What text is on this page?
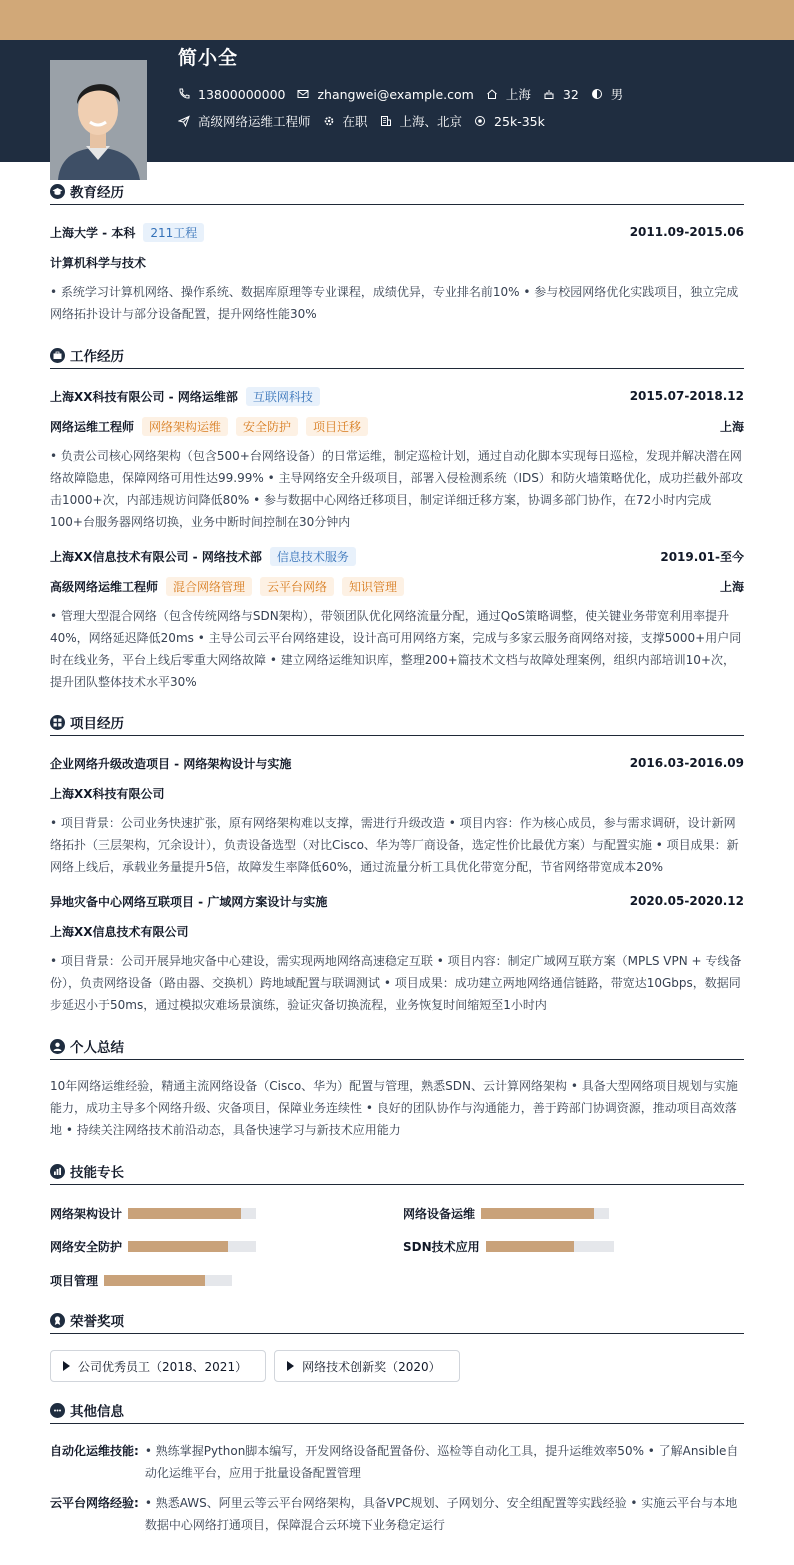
简小全
13800000000	zhangwei@example.com	上海	32	男
高级网络运维工程师	在职	上海、北京	25k-35k
教育经历
上海大学 - 本科	211工程	2011.09-2015.06
计算机科学与技术
• 系统学习计算机网络、操作系统、数据库原理等专业课程，成绩优异，专业排名前10% • 参与校园网络优化实践项目，独立完成网络拓扑设计与部分设备配置，提升网络性能30%
工作经历
上海XX科技有限公司 - 网络运维部	互联网科技	2015.07-2018.12
网络运维工程师	网络架构运维	安全防护	项目迁移	上海
• 负责公司核心网络架构（包含500+台网络设备）的日常运维，制定巡检计划，通过自动化脚本实现每日巡检，发现并解决潜在网络故障隐患，保障网络可用性达99.99% • 主导网络安全升级项目，部署入侵检测系统（IDS）和防火墙策略优化，成功拦截外部攻击1000+次，内部违规访问降低80% • 参与数据中心网络迁移项目，制定详细迁移方案，协调多部门协作，在72小时内完成100+台服务器网络切换，业务中断时间控制在30分钟内
上海XX信息技术有限公司 - 网络技术部	信息技术服务	2019.01-至今
高级网络运维工程师	混合网络管理	云平台网络	知识管理	上海
• 管理大型混合网络（包含传统网络与SDN架构），带领团队优化网络流量分配，通过QoS策略调整，使关键业务带宽利用率提升40%，网络延迟降低20ms • 主导公司云平台网络建设，设计高可用网络方案，完成与多家云服务商网络对接，支撑5000+用户同时在线业务，平台上线后零重大网络故障 • 建立网络运维知识库，整理200+篇技术文档与故障处理案例，组织内部培训10+次，提升团队整体技术水平30%
项目经历
企业网络升级改造项目 - 网络架构设计与实施	2016.03-2016.09
上海XX科技有限公司
• 项目背景：公司业务快速扩张，原有网络架构难以支撑，需进行升级改造 • 项目内容：作为核心成员，参与需求调研，设计新网络拓扑（三层架构，冗余设计），负责设备选型（对比Cisco、华为等厂商设备，选定性价比最优方案）与配置实施 • 项目成果：新网络上线后，承载业务量提升5倍，故障发生率降低60%，通过流量分析工具优化带宽分配，节省网络带宽成本20%
异地灾备中心网络互联项目 - 广域网方案设计与实施	2020.05-2020.12
上海XX信息技术有限公司
• 项目背景：公司开展异地灾备中心建设，需实现两地网络高速稳定互联 • 项目内容：制定广域网互联方案（MPLS VPN + 专线备份），负责网络设备（路由器、交换机）跨地域配置与联调测试 • 项目成果：成功建立两地网络通信链路，带宽达10Gbps，数据同步延迟小于50ms，通过模拟灾难场景演练，验证灾备切换流程，业务恢复时间缩短至1小时内
个人总结
10年网络运维经验，精通主流网络设备（Cisco、华为）配置与管理，熟悉SDN、云计算网络架构 • 具备大型网络项目规划与实施能力，成功主导多个网络升级、灾备项目，保障业务连续性 • 良好的团队协作与沟通能力，善于跨部门协调资源，推动项目高效落地 • 持续关注网络技术前沿动态，具备快速学习与新技术应用能力
技能专长
网络架构设计	网络设备运维
网络安全防护	SDN技术应用
项目管理
荣誉奖项
公司优秀员工（2018、2021）	网络技术创新奖（2020）
其他信息
自动化运维技能: • 熟练掌握Python脚本编写，开发网络设备配置备份、巡检等自动化工具，提升运维效率50% • 了解Ansible自动化运维平台，应用于批量设备配置管理
云平台网络经验: • 熟悉AWS、阿里云等云平台网络架构，具备VPC规划、子网划分、安全组配置等实践经验 • 实施云平台与本地数据中心网络打通项目，保障混合云环境下业务稳定运行
